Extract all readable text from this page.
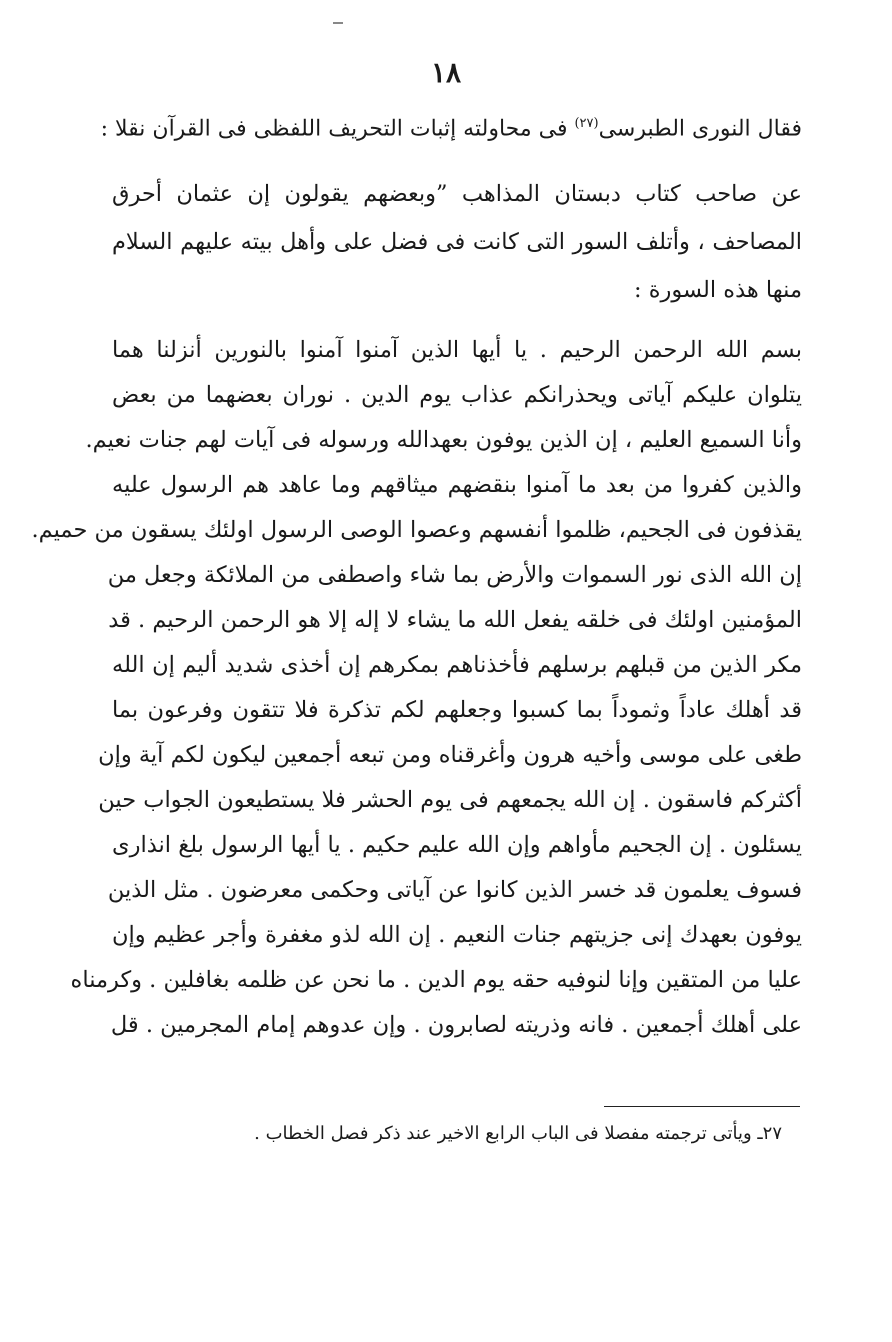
١٨
فقال النورى الطبرسى$^{(٢٧)}$ فى محاولته إثبات التحريف اللفظى فى القرآن نقلا :
عن صاحب كتاب دبستان المذاهب ”وبعضهم يقولون إن عثمان أحرق
المصاحف ، وأتلف السور التى كانت فى فضل على وأهل بيته عليهم السلام
منها هذه السورة :
بسم الله الرحمن الرحيم . يا أيها الذين آمنوا آمنوا بالنورين أنزلنا هما
يتلوان عليكم آياتى ويحذرانكم عذاب يوم الدين . نوران بعضهما من بعض
وأنا السميع العليم ، إن الذين يوفون بعهدالله ورسوله فى آيات لهم جنات نعيم.
والذين كفروا من بعد ما آمنوا بنقضهم ميثاقهم وما عاهد هم الرسول عليه
يقذفون فى الجحيم، ظلموا أنفسهم وعصوا الوصى الرسول اولئك يسقون من حميم.
إن الله الذى نور السموات والأرض بما شاء واصطفى من الملائكة وجعل من
المؤمنين اولئك فى خلقه يفعل الله ما يشاء لا إله إلا هو الرحمن الرحيم . قد
مكر الذين من قبلهم برسلهم فأخذناهم بمكرهم إن أخذى شديد أليم إن الله
قد أهلك عاداً وثموداً بما كسبوا وجعلهم لكم تذكرة فلا تتقون وفرعون بما
طغى على موسى وأخيه هرون وأغرقناه ومن تبعه أجمعين ليكون لكم آية وإن
أكثركم فاسقون . إن الله يجمعهم فى يوم الحشر فلا يستطيعون الجواب حين
يسئلون . إن الجحيم مأواهم وإن الله عليم حكيم . يا أيها الرسول بلغ انذارى
فسوف يعلمون قد خسر الذين كانوا عن آياتى وحكمى معرضون . مثل الذين
يوفون بعهدك إنى جزيتهم جنات النعيم . إن الله لذو مغفرة وأجر عظيم وإن
عليا من المتقين وإنا لنوفيه حقه يوم الدين . ما نحن عن ظلمه بغافلين . وكرمناه
على أهلك أجمعين . فانه وذريته لصابرون . وإن عدوهم إمام المجرمين . قل
٢٧ـ ويأتى ترجمته مفصلا فى الباب الرابع الاخير عند ذكر فصل الخطاب .
